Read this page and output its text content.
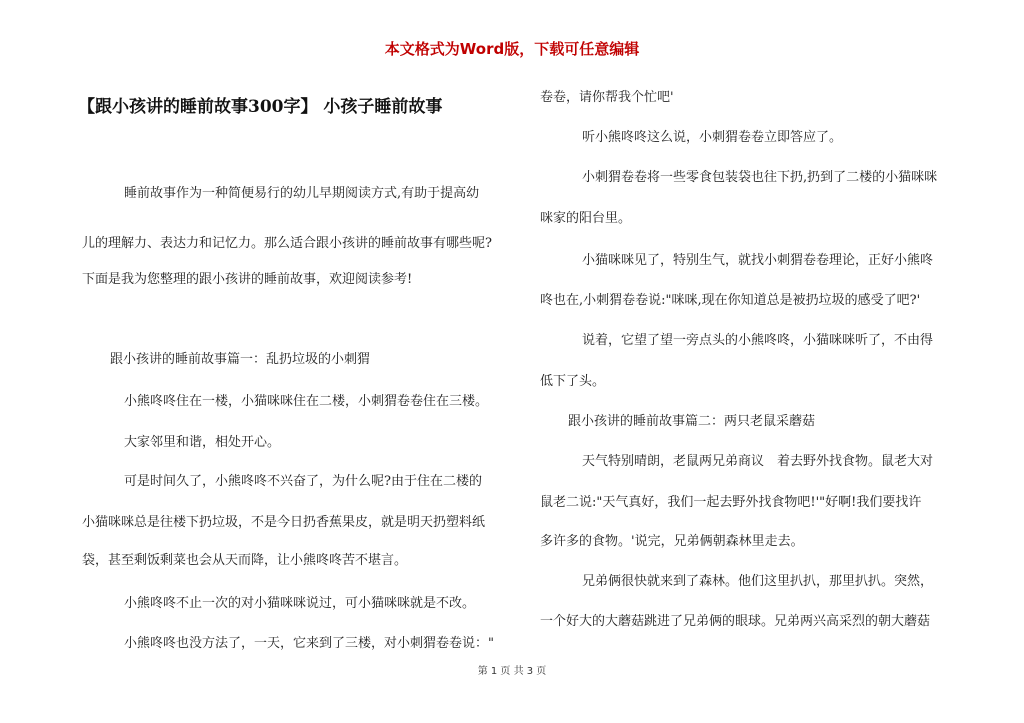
本文格式为Word版，下载可任意编辑
【跟小孩讲的睡前故事300字】 小孩子睡前故事

睡前故事作为一种简便易行的幼儿早期阅读方式,有助于提高幼

儿的理解力、表达力和记忆力。那么适合跟小孩讲的睡前故事有哪些呢?

下面是我为您整理的跟小孩讲的睡前故事，欢迎阅读参考!

跟小孩讲的睡前故事篇一：乱扔垃圾的小刺猬

小熊咚咚住在一楼，小猫咪咪住在二楼，小刺猬卷卷住在三楼。

大家邻里和谐，相处开心。

可是时间久了，小熊咚咚不兴奋了，为什么呢?由于住在二楼的

小猫咪咪总是往楼下扔垃圾，不是今日扔香蕉果皮，就是明天扔塑料纸

袋，甚至剩饭剩菜也会从天而降，让小熊咚咚苦不堪言。

小熊咚咚不止一次的对小猫咪咪说过，可小猫咪咪就是不改。

小熊咚咚也没方法了，一天，它来到了三楼，对小刺猬卷卷说："

卷卷，请你帮我个忙吧'

听小熊咚咚这么说，小刺猬卷卷立即答应了。

小刺猬卷卷将一些零食包装袋也往下扔,扔到了二楼的小猫咪咪

咪家的阳台里。

小猫咪咪见了，特别生气，就找小刺猬卷卷理论，正好小熊咚

咚也在,小刺猬卷卷说:"咪咪,现在你知道总是被扔垃圾的感受了吧?'

说着，它望了望一旁点头的小熊咚咚，小猫咪咪听了，不由得

低下了头。

跟小孩讲的睡前故事篇二：两只老鼠采蘑菇

天气特别晴朗，老鼠两兄弟商议　着去野外找食物。鼠老大对

鼠老二说:"天气真好，我们一起去野外找食物吧!'"好啊!我们要找许

多许多的食物。'说完，兄弟俩朝森林里走去。

兄弟俩很快就来到了森林。他们这里扒扒，那里扒扒。突然，

一个好大的大蘑菇跳进了兄弟俩的眼球。兄弟两兴高采烈的朝大蘑菇

第 1 页 共 3 页
